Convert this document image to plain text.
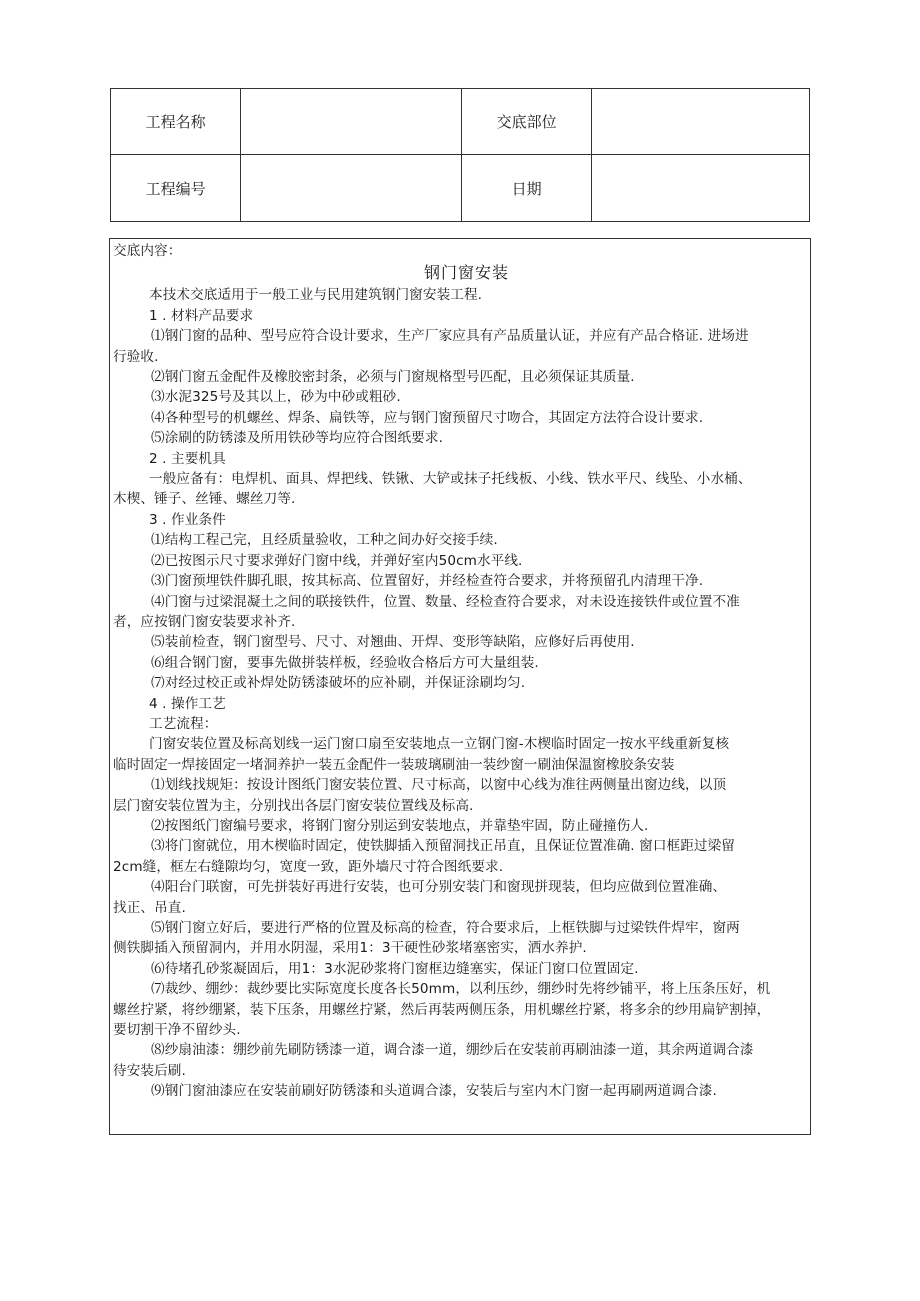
工程名称		交底部位	
工程编号		日期	
交底内容：
钢门窗安装
本技术交底适用于一般工业与民用建筑钢门窗安装工程.
1 . 材料产品要求
⑴钢门窗的品种、型号应符合设计要求，生产厂家应具有产品质量认证，并应有产品合格证. 进场进
行验收.
⑵钢门窗五金配件及橡胶密封条，必须与门窗规格型号匹配，且必须保证其质量.
⑶水泥325号及其以上，砂为中砂或粗砂.
⑷各种型号的机螺丝、焊条、扁铁等，应与钢门窗预留尺寸吻合，其固定方法符合设计要求.
⑸涂刷的防锈漆及所用铁砂等均应符合图纸要求.
2 . 主要机具
一般应备有：电焊机、面具、焊把线、铁锹、大铲或抹子托线板、小线、铁水平尺、线坠、小水桶、
木楔、锤子、丝锤、螺丝刀等.
3 . 作业条件
⑴结构工程己完，且经质量验收，工种之间办好交接手续.
⑵已按图示尺寸要求弹好门窗中线，并弹好室内50cm水平线.
⑶门窗预埋铁件脚孔眼，按其标高、位置留好，并经检查符合要求，并将预留孔内清理干净.
⑷门窗与过梁混凝土之间的联接铁件，位置、数量、经检查符合要求，对未设连接铁件或位置不准
者，应按钢门窗安装要求补齐.
⑸装前检查，钢门窗型号、尺寸、对翘曲、开焊、变形等缺陷，应修好后再使用.
⑹组合钢门窗，要事先做拼装样板，经验收合格后方可大量组装.
⑺对经过校正或补焊处防锈漆破坏的应补刷，并保证涂刷均匀.
4 . 操作工艺
工艺流程：
门窗安装位置及标高划线一运门窗口扇至安装地点一立钢门窗-木楔临时固定一按水平线重新复核
临时固定一焊接固定一堵洞养护一装五金配件一装玻璃刷油一装纱窗一刷油保温窗橡胶条安装
⑴划线找规矩：按设计图纸门窗安装位置、尺寸标高，以窗中心线为准往两侧量出窗边线，以顶
层门窗安装位置为主，分别找出各层门窗安装位置线及标高.
⑵按图纸门窗编号要求，将钢门窗分别运到安装地点，并靠垫牢固，防止碰撞伤人.
⑶将门窗就位，用木楔临时固定，使铁脚插入预留洞找正吊直，且保证位置准确. 窗口框距过梁留
2cm缝，框左右缝隙均匀，宽度一致，距外墙尺寸符合图纸要求.
⑷阳台门联窗，可先拼装好再进行安装，也可分别安装门和窗现拼现装，但均应做到位置准确、
找正、吊直.
⑸钢门窗立好后，要进行严格的位置及标高的检查，符合要求后，上框铁脚与过梁铁件焊牢，窗两
侧铁脚插入预留洞内，并用水阴湿，采用1：3干硬性砂浆堵塞密实，洒水养护.
⑹待堵孔砂浆凝固后，用1：3水泥砂浆将门窗框边缝塞实，保证门窗口位置固定.
⑺裁纱、绷纱：裁纱要比实际宽度长度各长50mm，以利压纱，绷纱时先将纱铺平，将上压条压好，机
螺丝拧紧，将纱绷紧，装下压条，用螺丝拧紧，然后再装两侧压条，用机螺丝拧紧，将多余的纱用扁铲割掉，
要切割干净不留纱头.
⑻纱扇油漆：绷纱前先刷防锈漆一道，调合漆一道，绷纱后在安装前再刷油漆一道，其余两道调合漆
待安装后刷.
⑼钢门窗油漆应在安装前刷好防锈漆和头道调合漆，安装后与室内木门窗一起再刷两道调合漆.
